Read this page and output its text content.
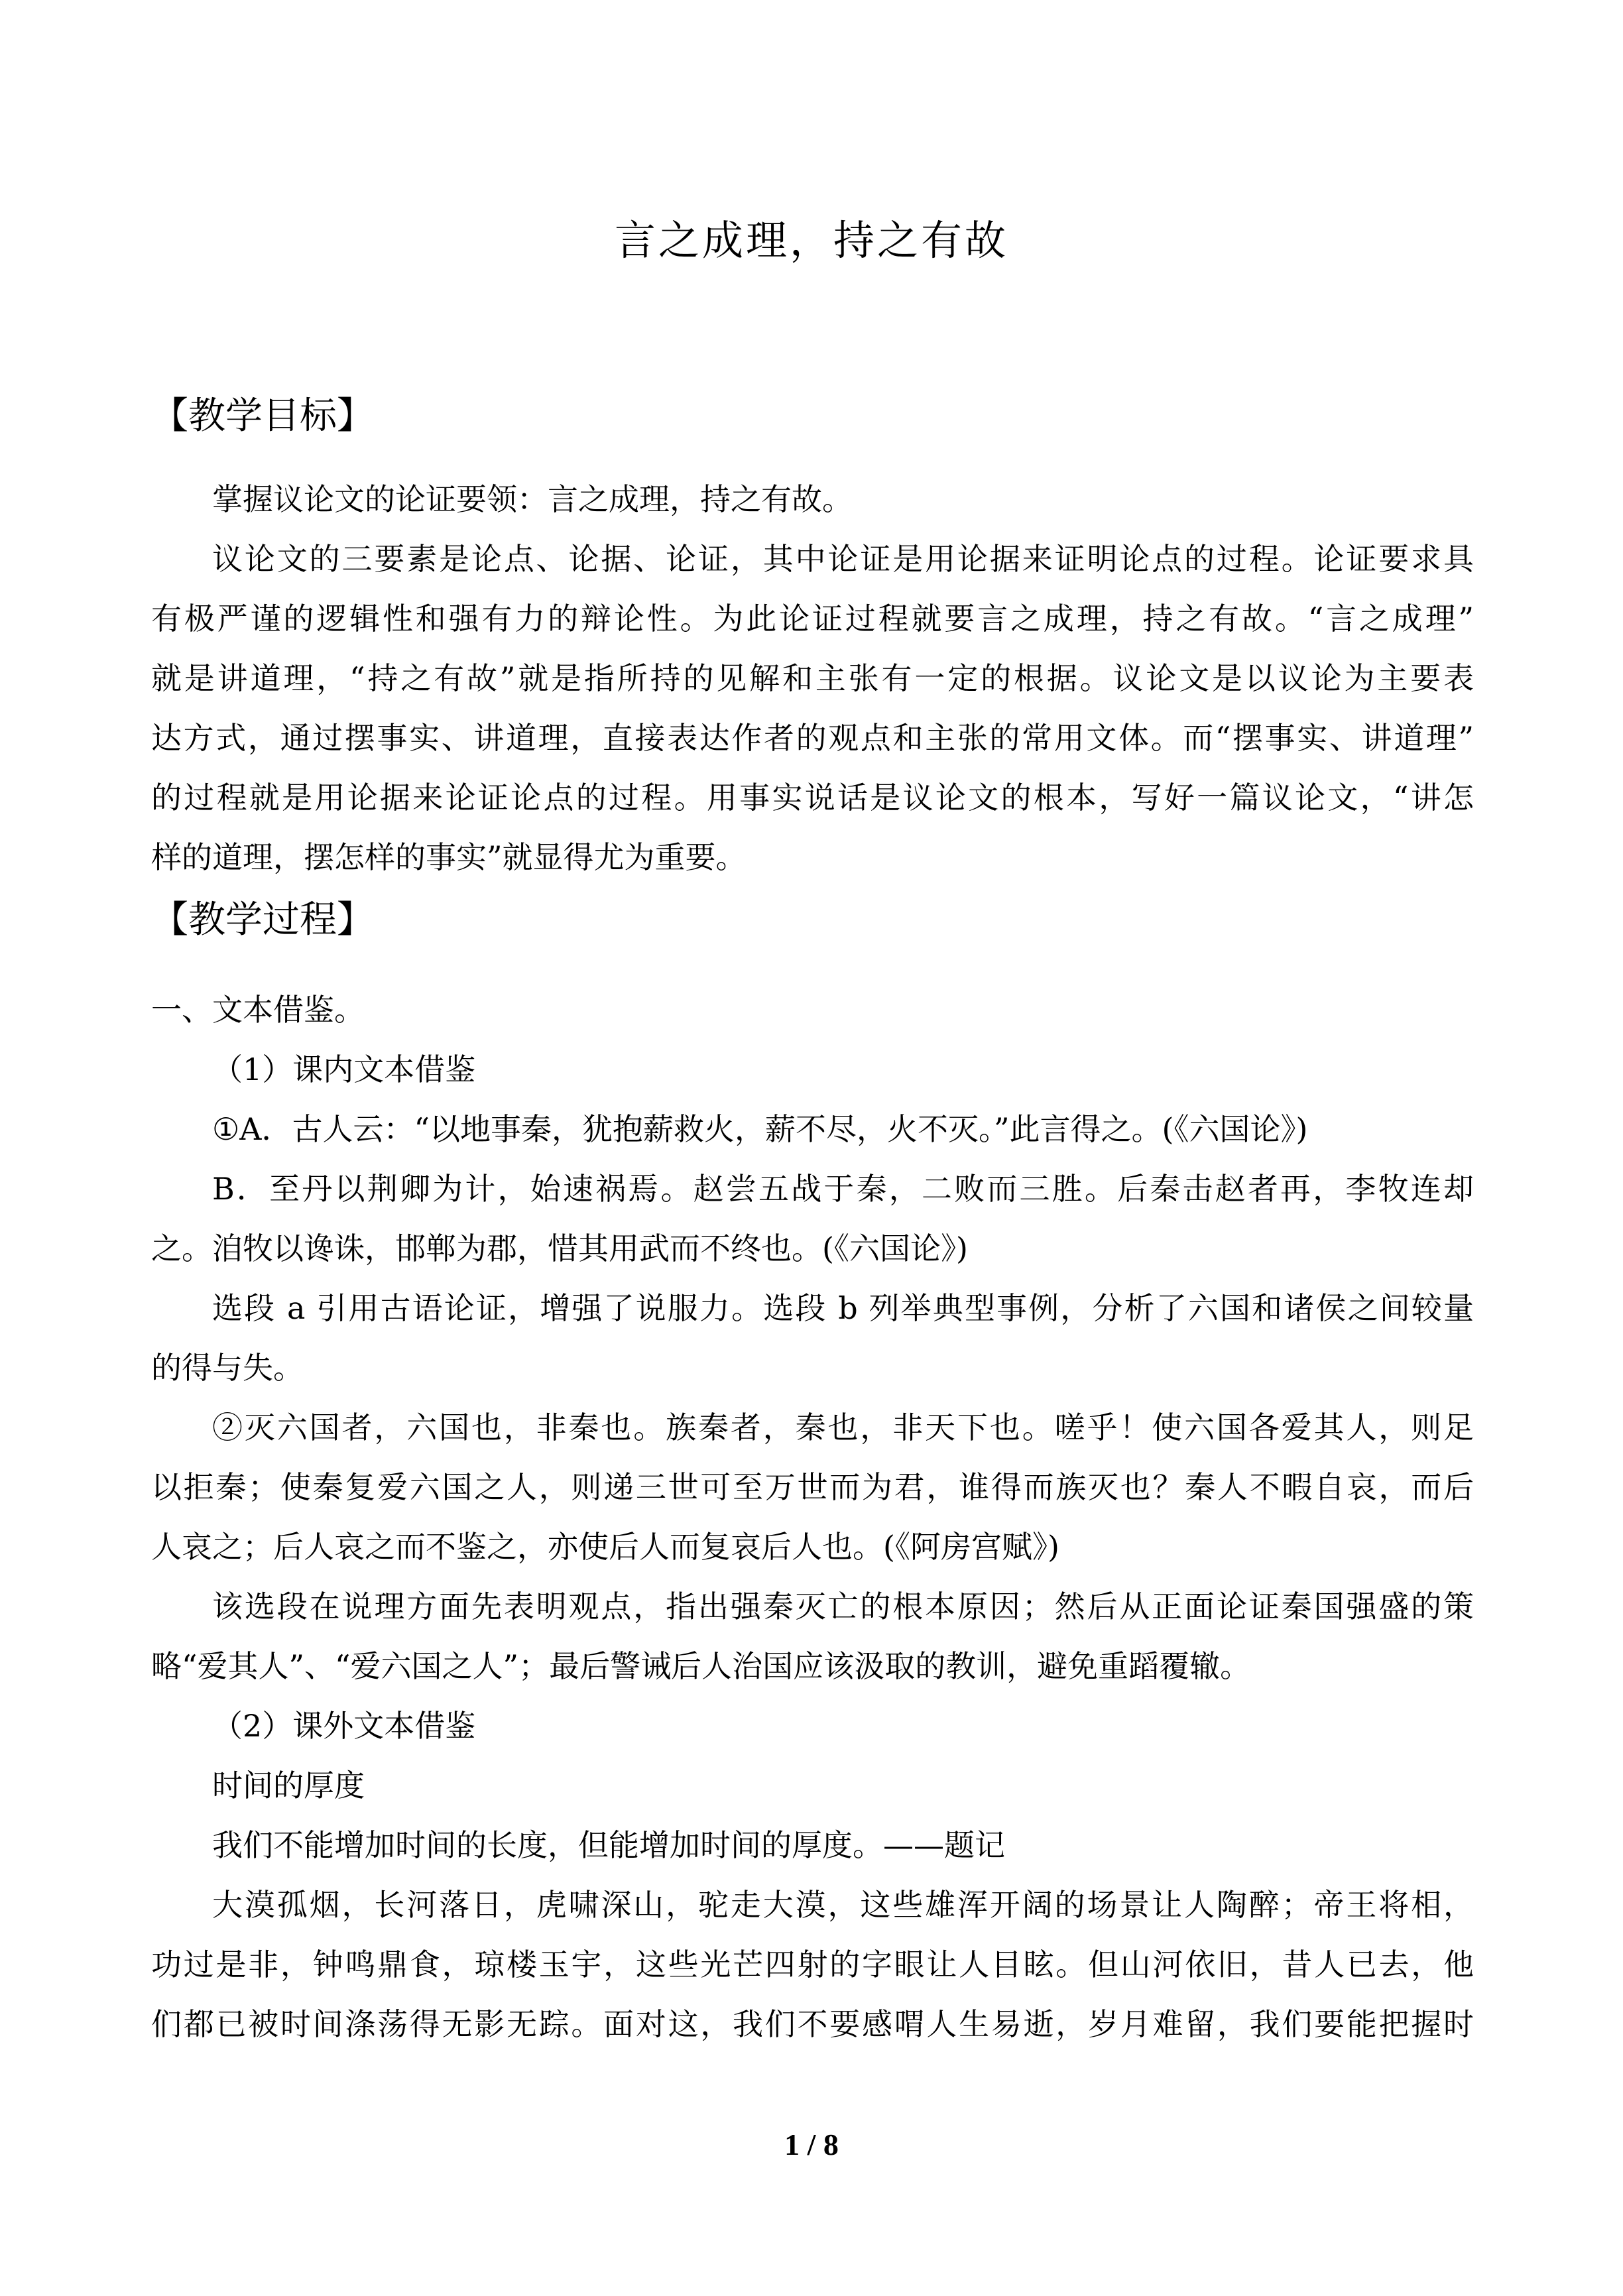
言之成理，持之有故
【教学目标】
掌握议论文的论证要领：言之成理，持之有故。
议论文的三要素是论点、论据、论证，其中论证是用论据来证明论点的过程。论证要求具
有极严谨的逻辑性和强有力的辩论性。为此论证过程就要言之成理，持之有故。“言之成理”
就是讲道理，“持之有故”就是指所持的见解和主张有一定的根据。议论文是以议论为主要表
达方式，通过摆事实、讲道理，直接表达作者的观点和主张的常用文体。而“摆事实、讲道理”
的过程就是用论据来论证论点的过程。用事实说话是议论文的根本，写好一篇议论文，“讲怎
样的道理，摆怎样的事实”就显得尤为重要。
【教学过程】
一、文本借鉴。
（1）课内文本借鉴
①A．古人云：“以地事秦，犹抱薪救火，薪不尽，火不灭。”此言得之。(《六国论》)
B．至丹以荆卿为计，始速祸焉。赵尝五战于秦，二败而三胜。后秦击赵者再，李牧连却
之。洎牧以谗诛，邯郸为郡，惜其用武而不终也。(《六国论》)
选段 a 引用古语论证，增强了说服力。选段 b 列举典型事例，分析了六国和诸侯之间较量
的得与失。
②灭六国者，六国也，非秦也。族秦者，秦也，非天下也。嗟乎！使六国各爱其人，则足
以拒秦；使秦复爱六国之人，则递三世可至万世而为君，谁得而族灭也？秦人不暇自哀，而后
人哀之；后人哀之而不鉴之，亦使后人而复哀后人也。(《阿房宫赋》)
该选段在说理方面先表明观点，指出强秦灭亡的根本原因；然后从正面论证秦国强盛的策
略“爱其人”、“爱六国之人”；最后警诫后人治国应该汲取的教训，避免重蹈覆辙。
（2）课外文本借鉴
时间的厚度
我们不能增加时间的长度，但能增加时间的厚度。——题记
大漠孤烟，长河落日，虎啸深山，驼走大漠，这些雄浑开阔的场景让人陶醉；帝王将相，
功过是非，钟鸣鼎食，琼楼玉宇，这些光芒四射的字眼让人目眩。但山河依旧，昔人已去，他
们都已被时间涤荡得无影无踪。面对这，我们不要感喟人生易逝，岁月难留，我们要能把握时
1 / 8
